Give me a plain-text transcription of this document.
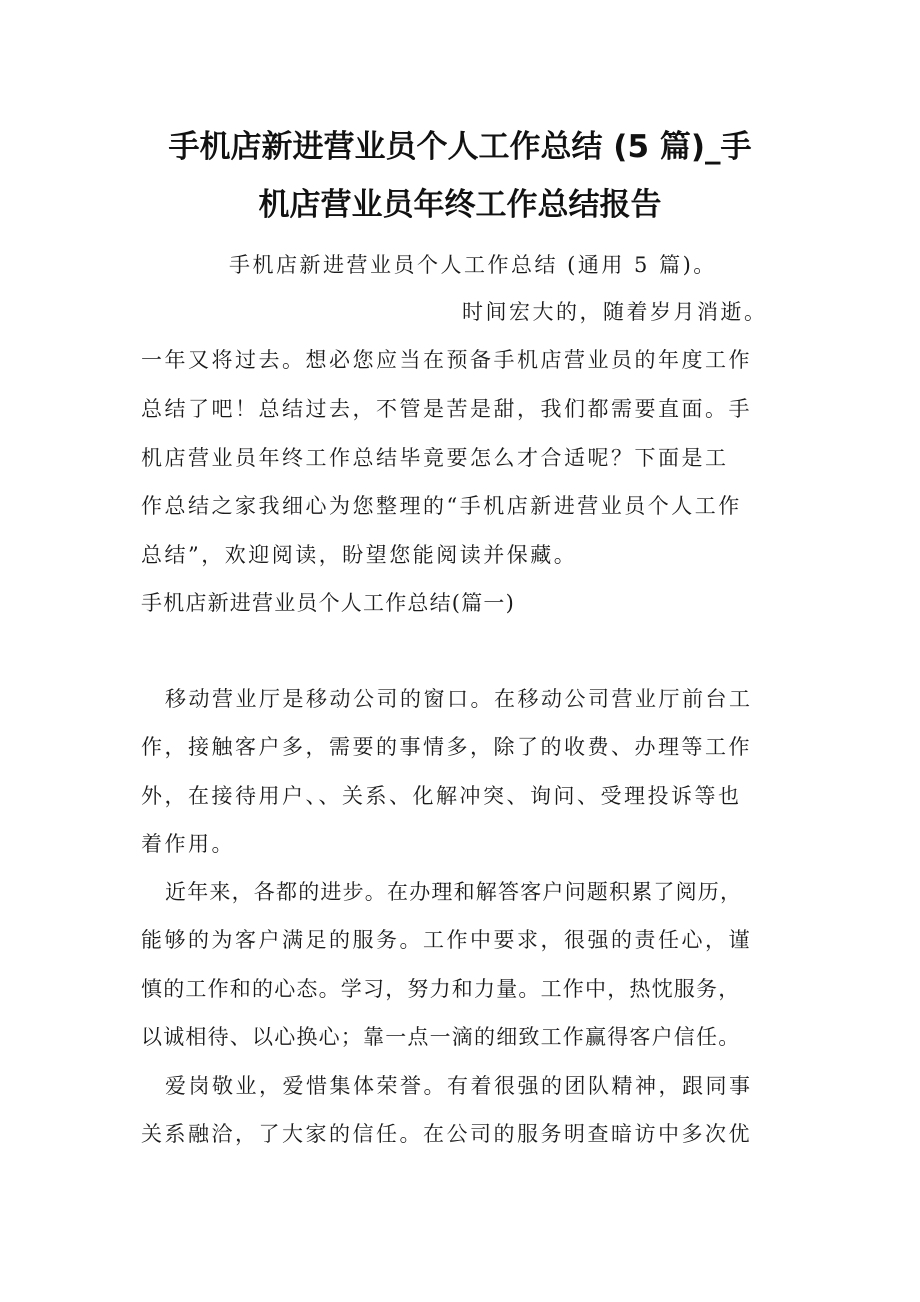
手机店新进营业员个人工作总结 (5 篇)_手
机店营业员年终工作总结报告

手机店新进营业员个人工作总结 (通用 5 篇)。

时间宏大的，随着岁月消逝。

一年又将过去。想必您应当在预备手机店营业员的年度工作

总结了吧！总结过去，不管是苦是甜，我们都需要直面。手

机店营业员年终工作总结毕竟要怎么才合适呢？下面是工

作总结之家我细心为您整理的“手机店新进营业员个人工作

总结”，欢迎阅读，盼望您能阅读并保藏。

手机店新进营业员个人工作总结(篇一)

移动营业厅是移动公司的窗口。在移动公司营业厅前台工

作，接触客户多，需要的事情多，除了的收费、办理等工作

外，在接待用户、、关系、化解冲突、询问、受理投诉等也

着作用。

近年来，各都的进步。在办理和解答客户问题积累了阅历，

能够的为客户满足的服务。工作中要求，很强的责任心，谨

慎的工作和的心态。学习，努力和力量。工作中，热忱服务，

以诚相待、以心换心；靠一点一滴的细致工作赢得客户信任。

爱岗敬业，爱惜集体荣誉。有着很强的团队精神，跟同事

关系融洽，了大家的信任。在公司的服务明查暗访中多次优
